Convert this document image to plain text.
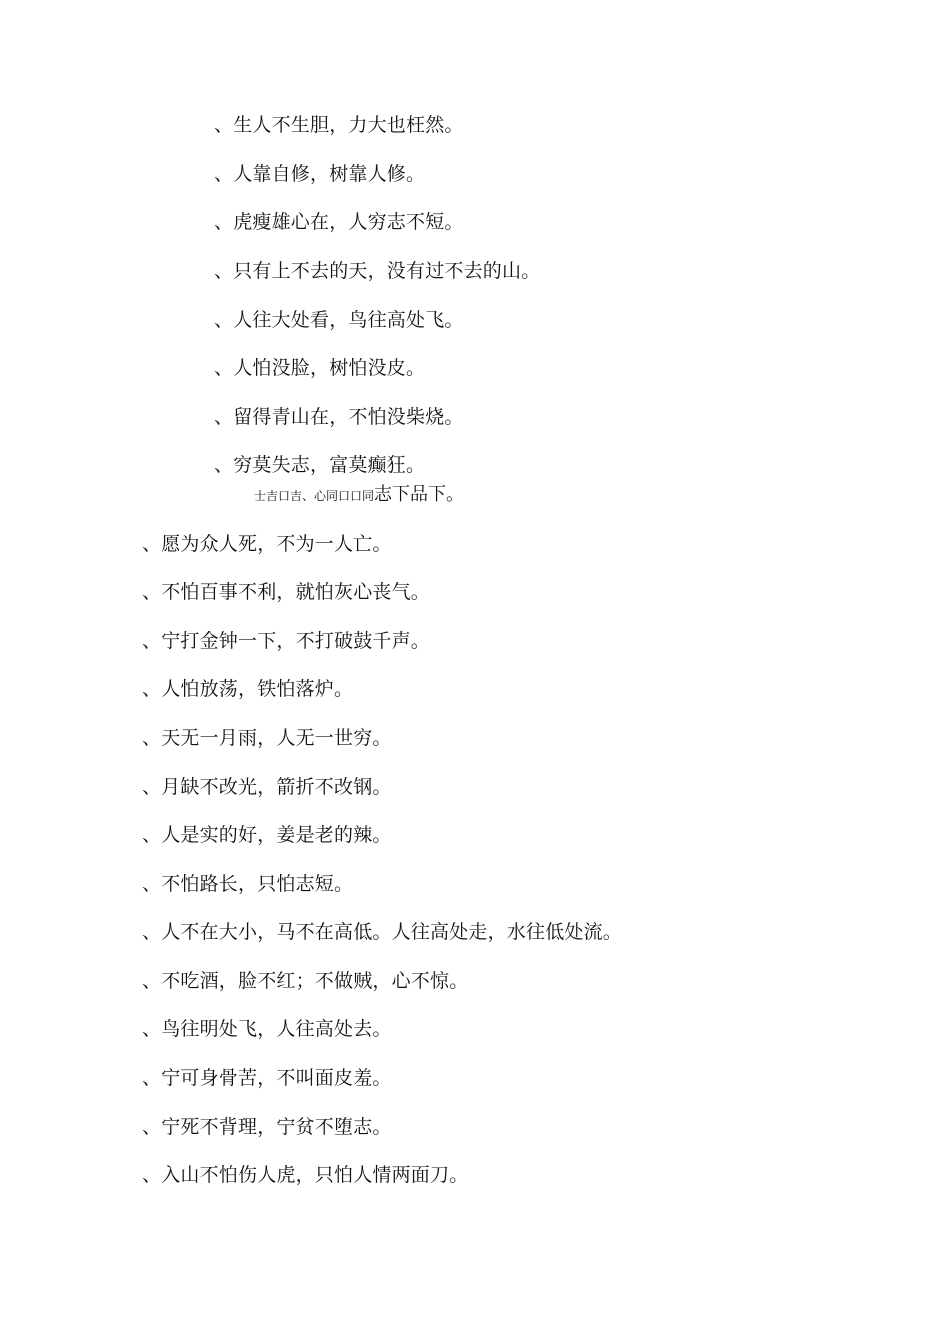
、生人不生胆，力大也枉然。
、人靠自修，树靠人修。
、虎瘦雄心在，人穷志不短。
、只有上不去的天，没有过不去的山。
、人往大处看，鸟往高处飞。
、人怕没脸，树怕没皮。
、留得青山在，不怕没柴烧。
、穷莫失志，富莫癫狂。
士吉口吉、心同口口同志下品下。
、愿为众人死，不为一人亡。
、不怕百事不利，就怕灰心丧气。
、宁打金钟一下，不打破鼓千声。
、人怕放荡，铁怕落炉。
、天无一月雨，人无一世穷。
、月缺不改光，箭折不改钢。
、人是实的好，姜是老的辣。
、不怕路长，只怕志短。
、人不在大小，马不在高低。人往高处走，水往低处流。
、不吃酒，脸不红；不做贼，心不惊。
、鸟往明处飞，人往高处去。
、宁可身骨苦，不叫面皮羞。
、宁死不背理，宁贫不堕志。
、入山不怕伤人虎，只怕人情两面刀。
